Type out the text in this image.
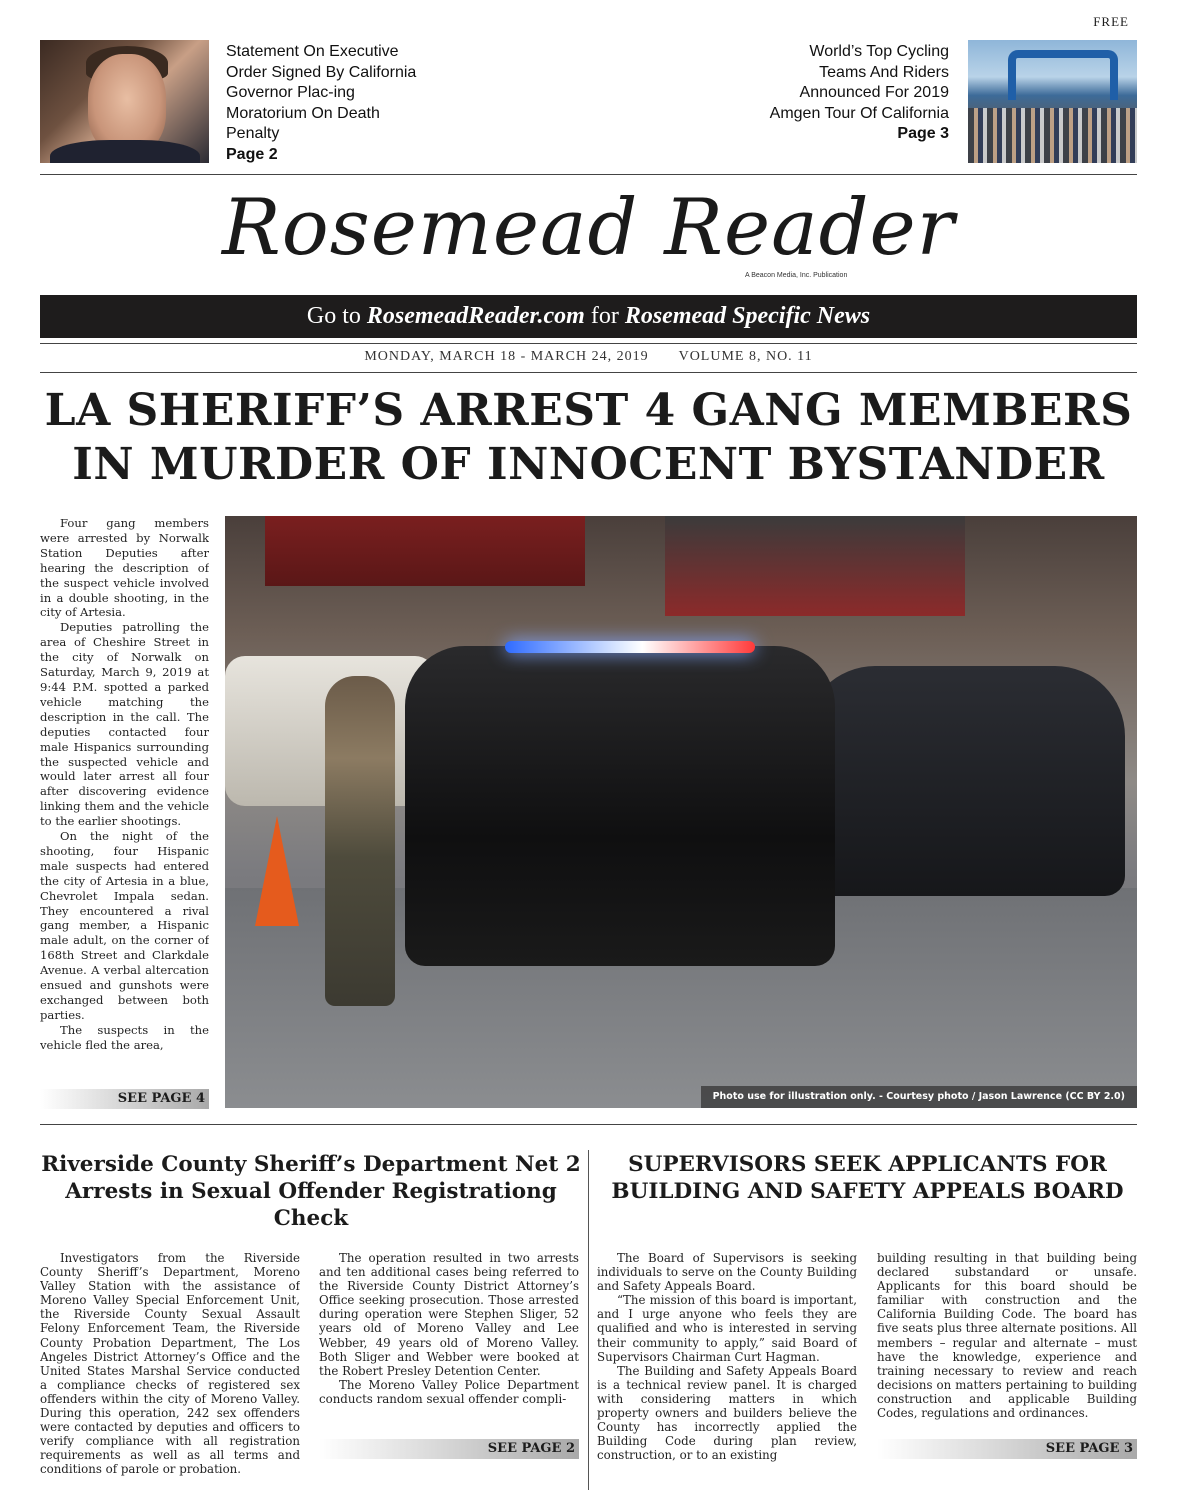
FREE
Statement On Executive Order Signed By California Governor Plac-ing Moratorium On Death Penalty
Page 2
World’s Top Cycling Teams And Riders Announced For 2019 Amgen Tour Of California
Page 3
Rosemead Reader
A Beacon Media, Inc. Publication
Go to RosemeadReader.com for Rosemead Specific News
MONDAY, MARCH 18 - MARCH 24, 2019 VOLUME 8, NO. 11
LA SHERIFF’S ARREST 4 GANG MEMBERS
IN MURDER OF INNOCENT BYSTANDER

Four gang members were arrested by Norwalk Station Deputies after hearing the description of the suspect vehicle involved in a double shooting, in the city of Artesia.

Deputies patrolling the area of Cheshire Street in the city of Norwalk on Saturday, March 9, 2019 at 9:44 P.M. spotted a parked vehicle matching the description in the call. The deputies contacted four male Hispanics surrounding the suspected vehicle and would later arrest all four after discovering evidence linking them and the vehicle to the earlier shootings.

On the night of the shooting, four Hispanic male suspects had entered the city of Artesia in a blue, Chevrolet Impala sedan. They encountered a rival gang member, a Hispanic male adult, on the corner of 168th Street and Clarkdale Avenue. A verbal altercation ensued and gunshots were exchanged between both parties.

The suspects in the vehicle fled the area,

SEE PAGE 4	Photo use for illustration only. - Courtesy photo / Jason Lawrence (CC BY 2.0)
Riverside County Sheriff’s Department Net 2 Arrests in Sexual Offender Registrationg Check

Investigators from the Riverside County Sheriff’s Department, Moreno Valley Station with the assistance of Moreno Valley Special Enforcement Unit, the Riverside County Sexual Assault Felony Enforcement Team, the Riverside County Probation Department, The Los Angeles District Attorney’s Office and the United States Marshal Service conducted a compliance checks of registered sex offenders within the city of Moreno Valley. During this operation, 242 sex offenders were contacted by deputies and officers to verify compliance with all registration requirements as well as all terms and conditions of parole or probation.

The operation resulted in two arrests and ten additional cases being referred to the Riverside County District Attorney’s Office seeking prosecution. Those arrested during operation were Stephen Sliger, 52 years old of Moreno Valley and Lee Webber, 49 years old of Moreno Valley. Both Sliger and Webber were booked at the Robert Presley Detention Center.

The Moreno Valley Police Department conducts random sexual offender compli-

SEE PAGE 2
SUPERVISORS SEEK APPLICANTS FOR BUILDING AND SAFETY APPEALS BOARD

The Board of Supervisors is seeking individuals to serve on the County Building and Safety Appeals Board.

“The mission of this board is important, and I urge anyone who feels they are qualified and who is interested in serving their community to apply,” said Board of Supervisors Chairman Curt Hagman.

The Building and Safety Appeals Board is a technical review panel. It is charged with considering matters in which property owners and builders believe the County has incorrectly applied the Building Code during plan review, construction, or to an existing

building resulting in that building being declared substandard or unsafe. Applicants for this board should be familiar with construction and the California Building Code. The board has five seats plus three alternate positions. All members – regular and alternate – must have the knowledge, experience and training necessary to review and reach decisions on matters pertaining to building construction and applicable Building Codes, regulations and ordinances.

SEE PAGE 3
